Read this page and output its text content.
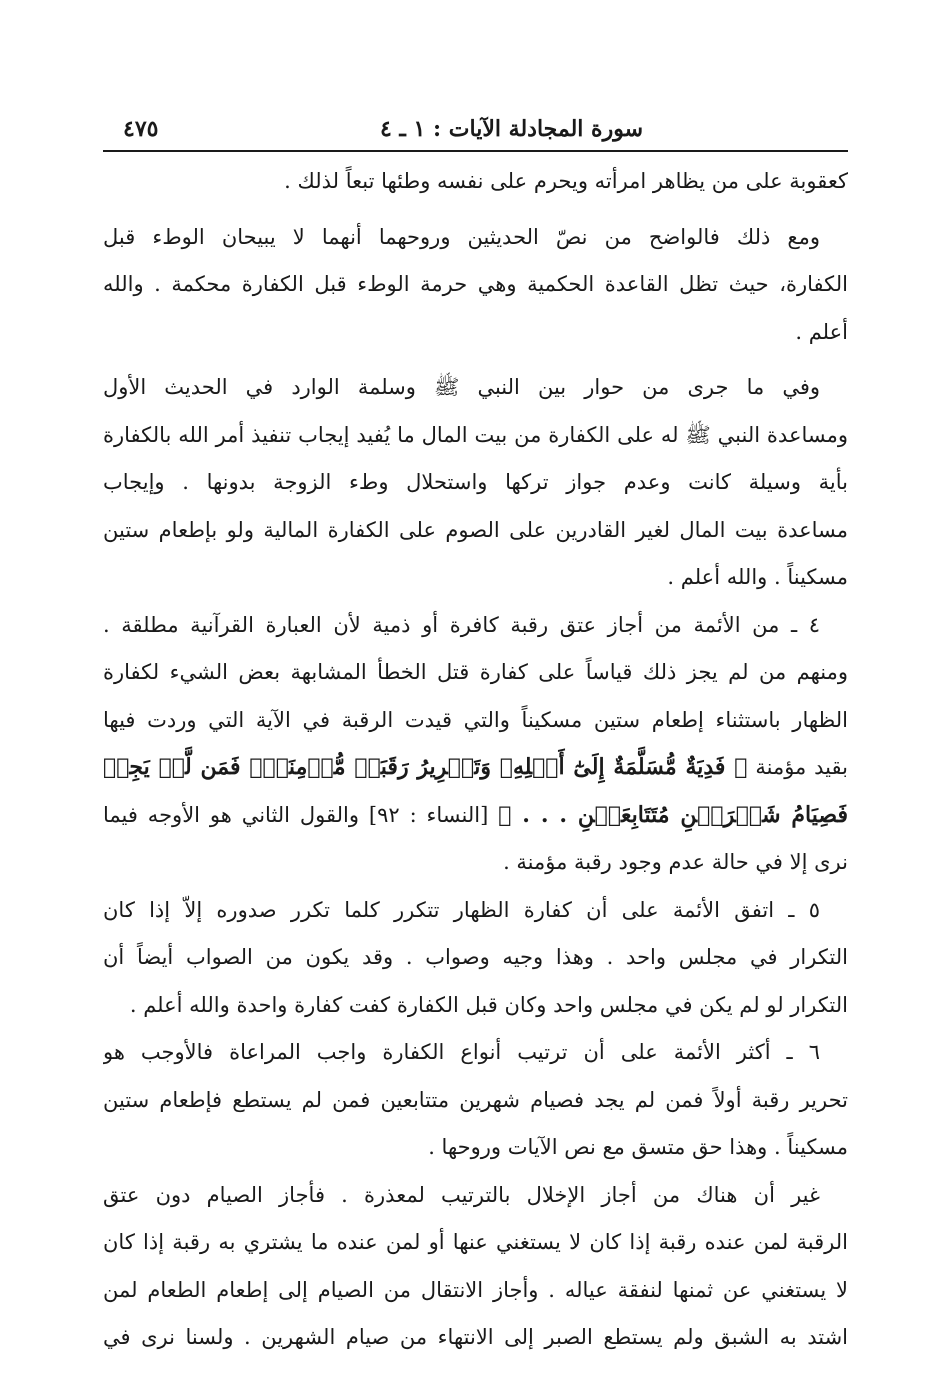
سورة المجادلة الآيات : ١ ـ ٤
٤٧٥
كعقوبة على من يظاهر امرأته ويحرم على نفسه وطئها تبعاً لذلك .
ومع ذلك فالواضح من نصّ الحديثين وروحهما أنهما لا يبيحان الوطء قبل
الكفارة، حيث تظل القاعدة الحكمية وهي حرمة الوطء قبل الكفارة محكمة . والله
أعلم .
وفي ما جرى من حوار بين النبي ﷺ وسلمة الوارد في الحديث الأول
ومساعدة النبي ﷺ له على الكفارة من بيت المال ما يُفيد إيجاب تنفيذ أمر الله بالكفارة
بأية وسيلة كانت وعدم جواز تركها واستحلال وطء الزوجة بدونها . وإيجاب
مساعدة بيت المال لغير القادرين على الصوم على الكفارة المالية ولو بإطعام ستين
مسكيناً . والله أعلم .
٤ ـ من الأئمة من أجاز عتق رقبة كافرة أو ذمية لأن العبارة القرآنية مطلقة .
ومنهم من لم يجز ذلك قياساً على كفارة قتل الخطأ المشابهة بعض الشيء لكفارة
الظهار باستثناء إطعام ستين مسكيناً والتي قيدت الرقبة في الآية التي وردت فيها
بقيد مؤمنة ﴿ فَدِيَةٌ مُّسَلَّمَةٌ إِلَىٰٓ أَهۡلِهِۦ وَتَحۡرِيرُ رَقَبَةٖ مُّؤۡمِنَةٖۖ فَمَن لَّمۡ يَجِدۡ
فَصِيَامُ شَهۡرَيۡنِ مُتَتَابِعَيۡنِ . . . ﴾ [النساء : ٩٢] والقول الثاني هو الأوجه فيما
نرى إلا في حالة عدم وجود رقبة مؤمنة .
٥ ـ اتفق الأئمة على أن كفارة الظهار تتكرر كلما تكرر صدوره إلاّ إذا كان
التكرار في مجلس واحد . وهذا وجيه وصواب . وقد يكون من الصواب أيضاً أن
التكرار لو لم يكن في مجلس واحد وكان قبل الكفارة كفت كفارة واحدة والله أعلم .
٦ ـ أكثر الأئمة على أن ترتيب أنواع الكفارة واجب المراعاة فالأوجب هو
تحرير رقبة أولاً فمن لم يجد فصيام شهرين متتابعين فمن لم يستطع فإطعام ستين
مسكيناً . وهذا حق متسق مع نص الآيات وروحها .
غير أن هناك من أجاز الإخلال بالترتيب لمعذرة . فأجاز الصيام دون عتق
الرقبة لمن عنده رقبة إذا كان لا يستغني عنها أو لمن عنده ما يشتري به رقبة إذا كان
لا يستغني عن ثمنها لنفقة عياله . وأجاز الانتقال من الصيام إلى إطعام الطعام لمن
اشتد به الشبق ولم يستطع الصبر إلى الانتهاء من صيام الشهرين . ولسنا نرى في
